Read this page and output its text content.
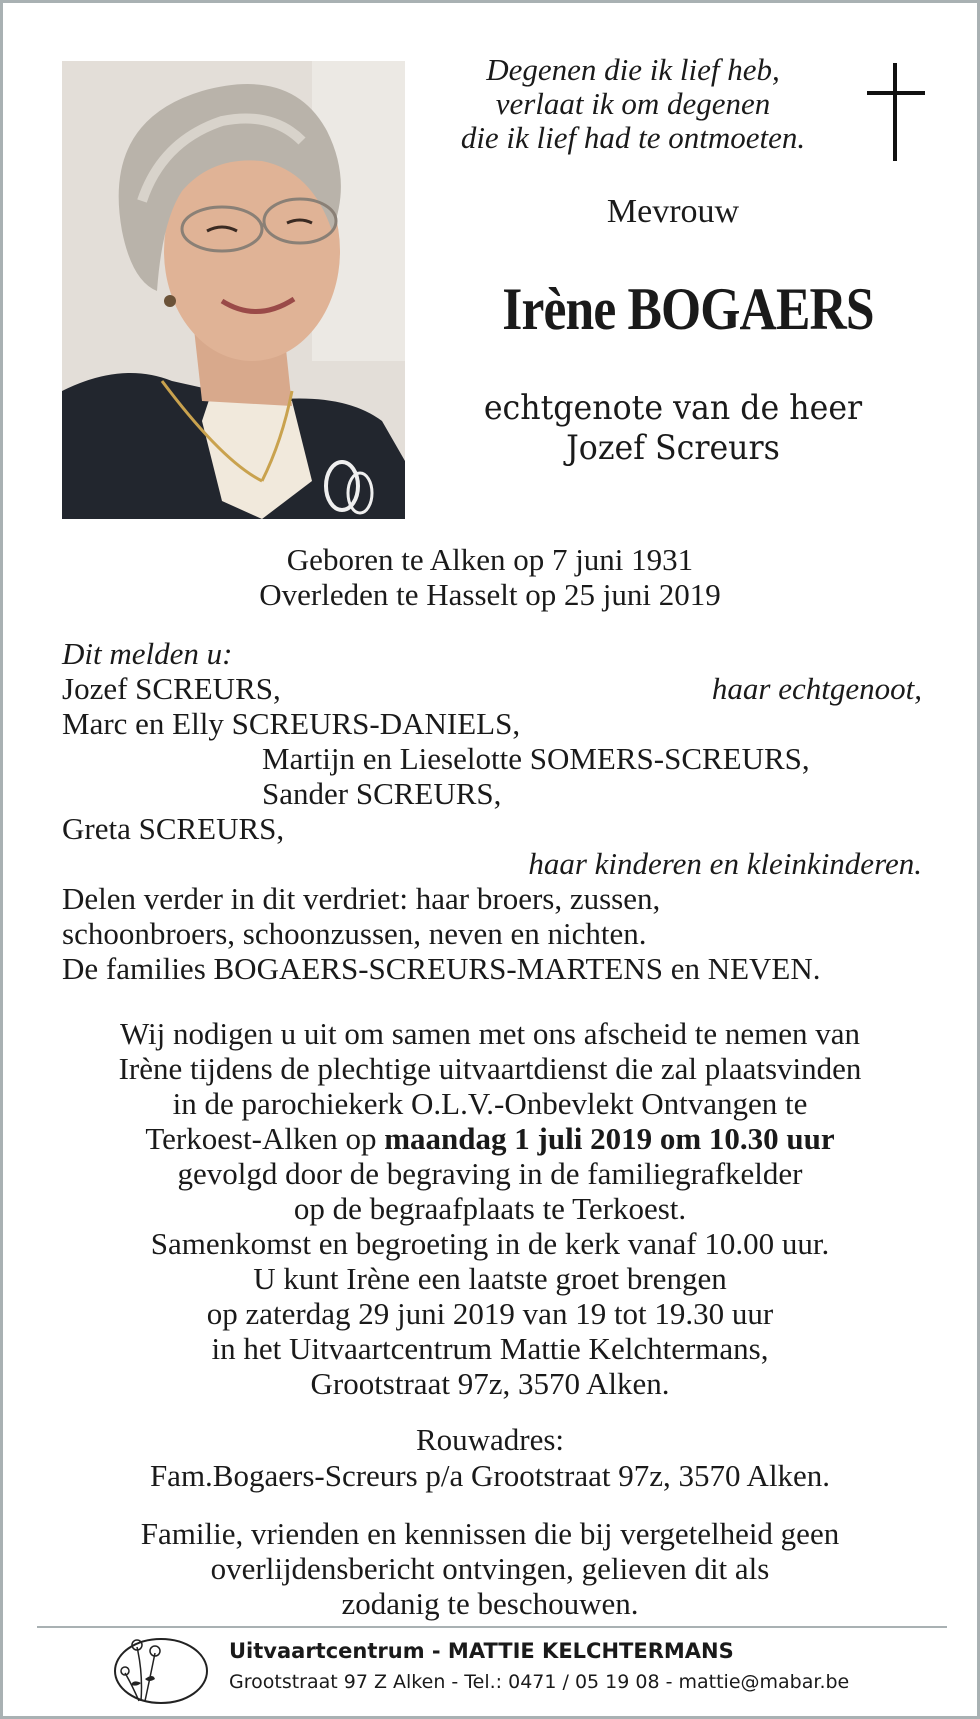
Degenen die ik lief heb,
verlaat ik om degenen
die ik lief had te ontmoeten.
Mevrouw
Irène BOGAERS
echtgenote van de heer
Jozef Screurs
Geboren te Alken op 7 juni 1931
Overleden te Hasselt op 25 juni 2019
Dit melden u:
Jozef SCREURS,	haar echtgenoot,
Marc en Elly SCREURS-DANIELS,
Martijn en Lieselotte SOMERS-SCREURS,
Sander SCREURS,
Greta SCREURS,
haar kinderen en kleinkinderen.
Delen verder in dit verdriet: haar broers, zussen,
schoonbroers, schoonzussen, neven en nichten.
De families BOGAERS-SCREURS-MARTENS en NEVEN.
Wij nodigen u uit om samen met ons afscheid te nemen van
Irène tijdens de plechtige uitvaartdienst die zal plaatsvinden
in de parochiekerk O.L.V.-Onbevlekt Ontvangen te
Terkoest-Alken op maandag 1 juli 2019 om 10.30 uur
gevolgd door de begraving in de familiegrafkelder
op de begraafplaats te Terkoest.
Samenkomst en begroeting in de kerk vanaf 10.00 uur.
U kunt Irène een laatste groet brengen
op zaterdag 29 juni 2019 van 19 tot 19.30 uur
in het Uitvaartcentrum Mattie Kelchtermans,
Grootstraat 97z, 3570 Alken.
Rouwadres:
Fam.Bogaers-Screurs p/a Grootstraat 97z, 3570 Alken.
Familie, vrienden en kennissen die bij vergetelheid geen
overlijdensbericht ontvingen, gelieven dit als
zodanig te beschouwen.
Uitvaartcentrum - MATTIE KELCHTERMANS
Grootstraat 97 Z Alken - Tel.: 0471 / 05 19 08 - mattie@mabar.be
